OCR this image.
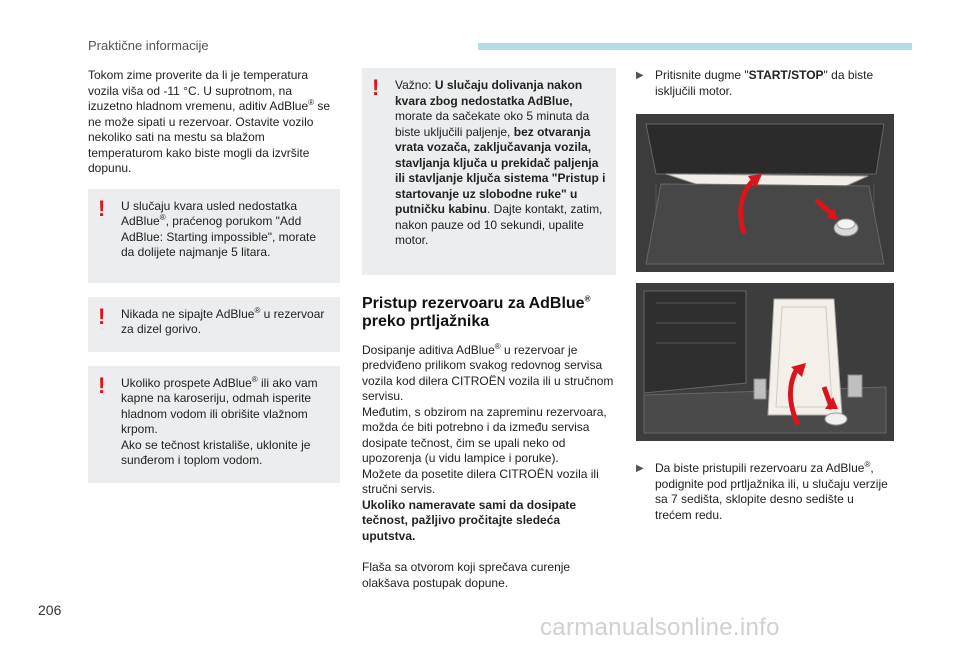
Praktične informacije

Tokom zime proverite da li je temperatura vozila viša od -11 °C. U suprotnom, na izuzetno hladnom vremenu, aditiv AdBlue® se ne može sipati u rezervoar. Ostavite vozilo nekoliko sati na mestu sa blažom temperaturom kako biste mogli da izvršite dopunu.

! U slučaju kvara usled nedostatka AdBlue®, praćenog porukom "Add AdBlue: Starting impossible", morate da dolijete najmanje 5 litara.
! Nikada ne sipajte AdBlue® u rezervoar za dizel gorivo.
! Ukoliko prospete AdBlue® ili ako vam kapne na karoseriju, odmah isperite hladnom vodom ili obrišite vlažnom krpom.
Ako se tečnost kristališe, uklonite je sunđerom i toplom vodom.
! Važno: U slučaju dolivanja nakon kvara zbog nedostatka AdBlue, morate da sačekate oko 5 minuta da biste uključili paljenje, bez otvaranja vrata vozača, zaključavanja vozila, stavljanja ključa u prekidač paljenja ili stavljanje ključa sistema "Pristup i startovanje uz slobodne ruke" u putničku kabinu. Dajte kontakt, zatim, nakon pauze od 10 sekundi, upalite motor.
Pristup rezervoaru za AdBlue®
preko prtljažnika

Dosipanje aditiva AdBlue® u rezervoar je predviđeno prilikom svakog redovnog servisa vozila kod dilera CITROËN vozila ili u stručnom servisu.
Međutim, s obzirom na zapreminu rezervoara, možda će biti potrebno i da između servisa dosipate tečnost, čim se upali neko od upozorenja (u vidu lampice i poruke).
Možete da posetite dilera CITROËN vozila ili stručni servis.
Ukoliko nameravate sami da dosipate tečnost, pažljivo pročitajte sledeća uputstva.

Flaša sa otvorom koji sprečava curenje olakšava postupak dopune.

▶ Pritisnite dugme "START/STOP" da biste isključili motor.
▶ Da biste pristupili rezervoaru za AdBlue®, podignite pod prtljažnika ili, u slučaju verzije sa 7 sedišta, sklopite desno sedište u trećem redu.
206
carmanualsonline.info
